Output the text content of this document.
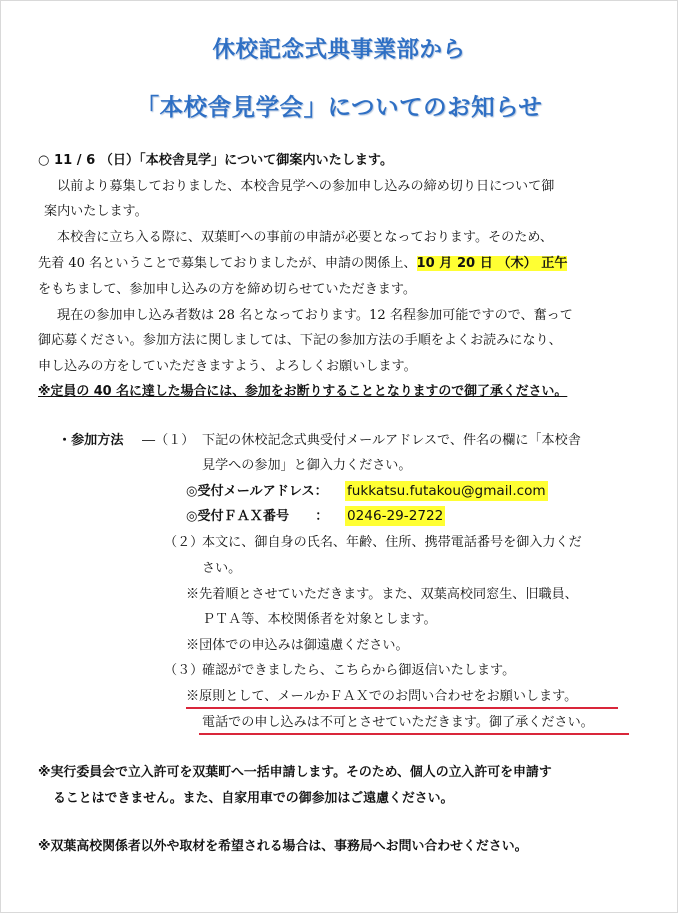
休校記念式典事業部から
「本校舎見学会」についてのお知らせ
○ 11 / 6 （日）「本校舎見学」について御案内いたします。
以前より募集しておりました、本校舎見学への参加申し込みの締め切り日について御
案内いたします。
本校舎に立ち入る際に、双葉町への事前の申請が必要となっております。そのため、
先着 40 名ということで募集しておりましたが、申請の関係上、10 月 20 日 （木） 正午
をもちまして、参加申し込みの方を締め切らせていただきます。
現在の参加申し込み者数は 28 名となっております。12 名程参加可能ですので、奮って
御応募ください。参加方法に関しましては、下記の参加方法の手順をよくお読みになり、
申し込みの方をしていただきますよう、よろしくお願いします。
※定員の 40 名に達した場合には、参加をお断りすることとなりますので御了承ください。
・参加方法 ―（１） 下記の休校記念式典受付メールアドレスで、件名の欄に「本校舎
見学への参加」と御入力ください。
◎受付メールアドレス： fukkatsu.futakou@gmail.com
◎受付ＦＡＸ番号　　： 0246-29-2722
（２）
本文に、御自身の氏名、年齢、住所、携帯電話番号を御入力くだ
さい。
※先着順とさせていただきます。また、双葉高校同窓生、旧職員、
ＰＴＡ等、本校関係者を対象とします。
※団体での申込みは御遠慮ください。
（３）
確認ができましたら、こちらから御返信いたします。
※原則として、メールかＦＡＸでのお問い合わせをお願いします。
電話での申し込みは不可とさせていただきます。御了承ください。
※実行委員会で立入許可を双葉町へ一括申請します。そのため、個人の立入許可を申請す
ることはできません。また、自家用車での御参加はご遠慮ください。
※双葉高校関係者以外や取材を希望される場合は、事務局へお問い合わせください。
